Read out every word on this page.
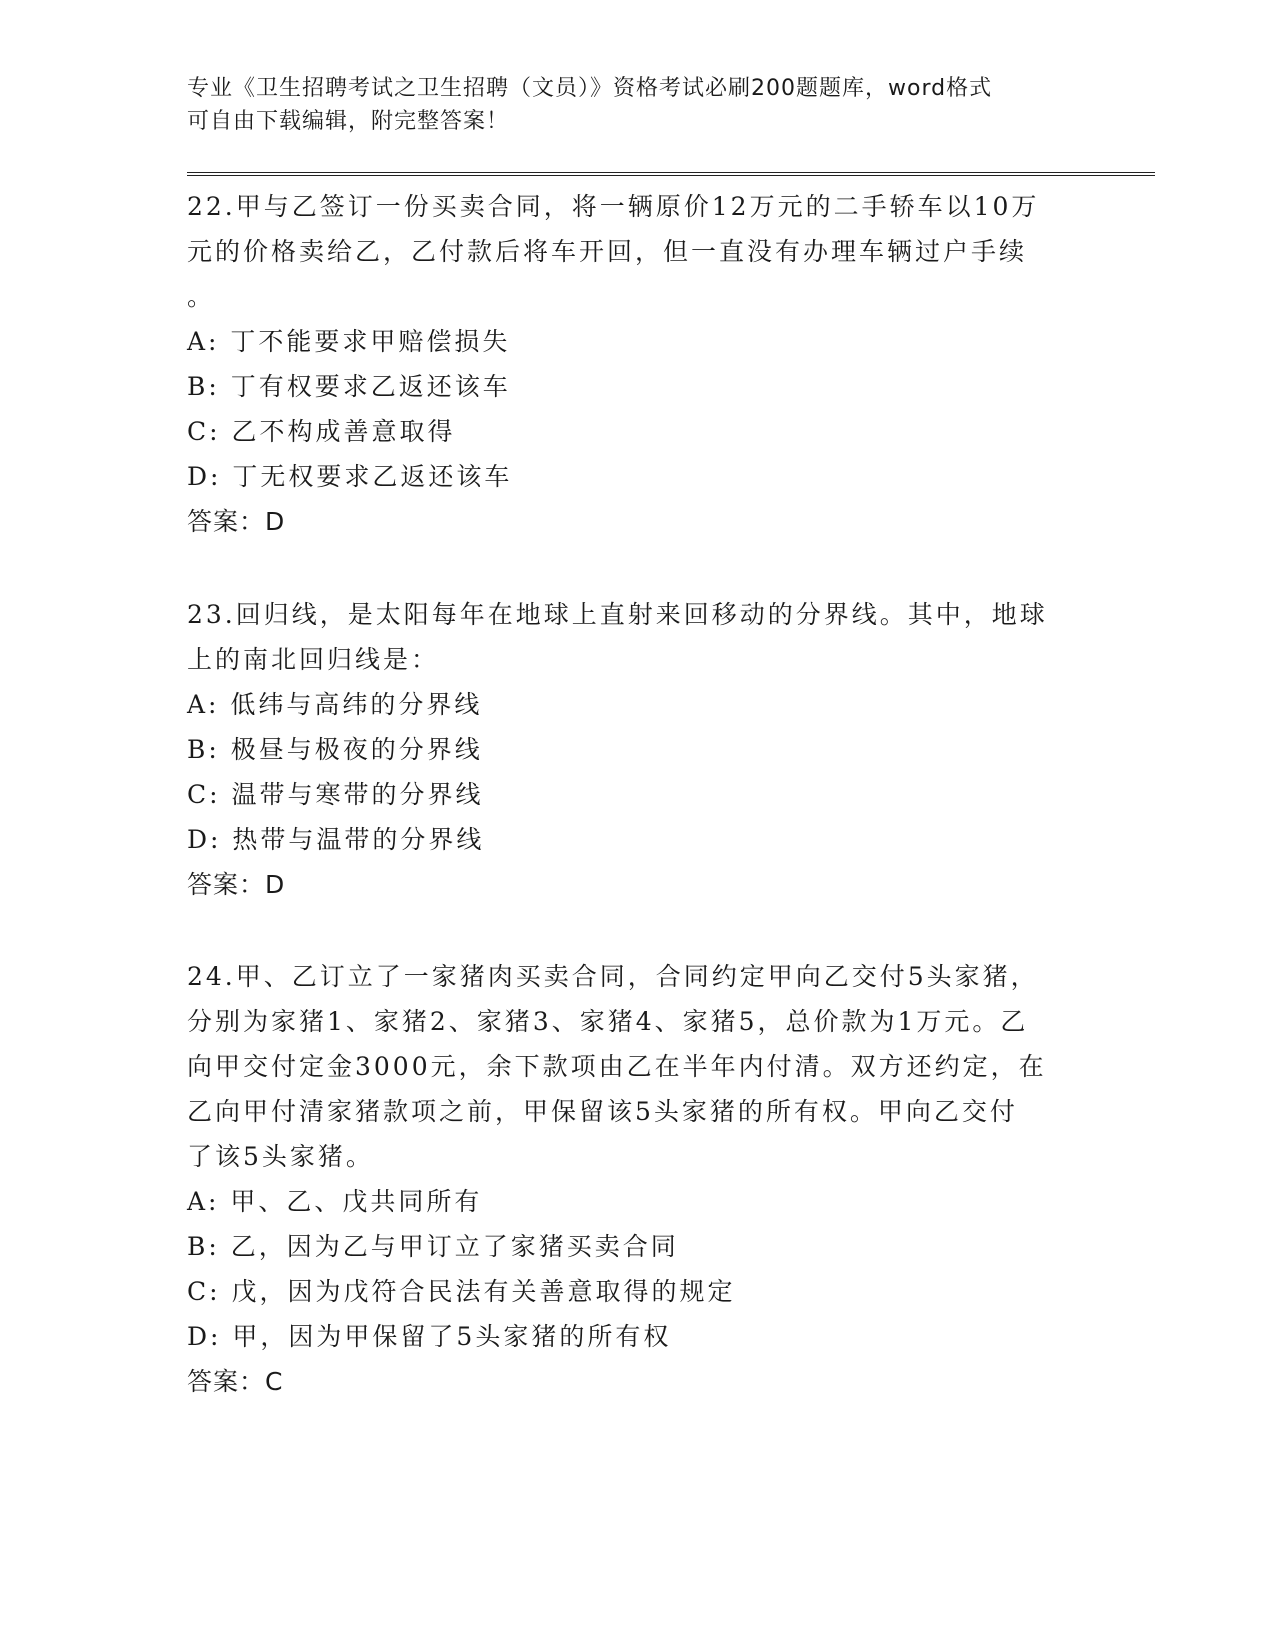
专业《卫生招聘考试之卫生招聘（文员）》资格考试必刷200题题库，word格式
可自由下载编辑，附完整答案！
22.甲与乙签订一份买卖合同，将一辆原价12万元的二手轿车以10万
元的价格卖给乙，乙付款后将车开回，但一直没有办理车辆过户手续
。
A: 丁不能要求甲赔偿损失
B: 丁有权要求乙返还该车
C: 乙不构成善意取得
D: 丁无权要求乙返还该车
答案：D
23.回归线，是太阳每年在地球上直射来回移动的分界线。其中，地球
上的南北回归线是：
A: 低纬与高纬的分界线
B: 极昼与极夜的分界线
C: 温带与寒带的分界线
D: 热带与温带的分界线
答案：D
24.甲、乙订立了一家猪肉买卖合同，合同约定甲向乙交付5头家猪，
分别为家猪1、家猪2、家猪3、家猪4、家猪5，总价款为1万元。乙
向甲交付定金3000元，余下款项由乙在半年内付清。双方还约定，在
乙向甲付清家猪款项之前，甲保留该5头家猪的所有权。甲向乙交付
了该5头家猪。
A: 甲、乙、戊共同所有
B: 乙，因为乙与甲订立了家猪买卖合同
C: 戊，因为戊符合民法有关善意取得的规定
D: 甲，因为甲保留了5头家猪的所有权
答案：C
